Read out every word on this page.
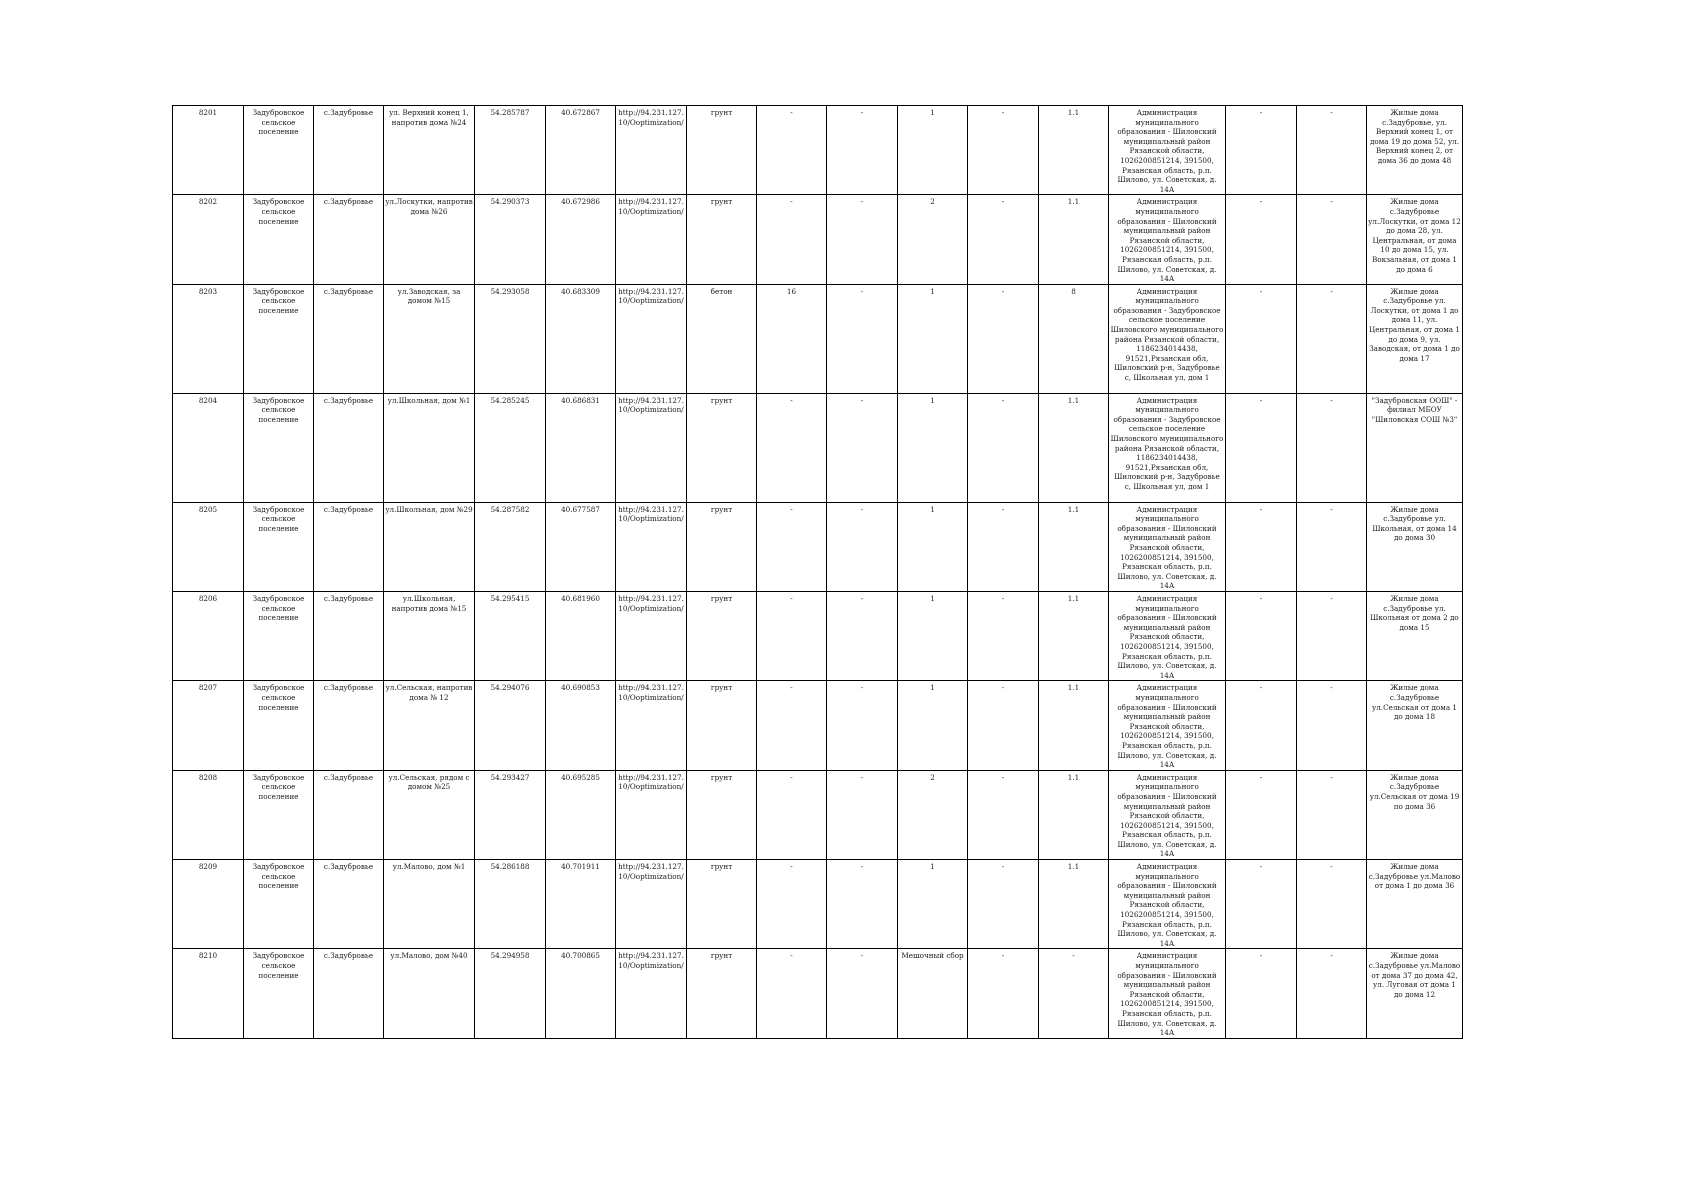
8201	Задубровское сельское поселение	с.Задубровье	ул. Верхний конец 1, напротив дома №24	54.285787	40.672867	http://94.231.127.10/Ooptimization/	грунт	-	-	1	-	1.1	Администрация муниципального образования - Шиловский муниципальный район Рязанской области, 1026200851214, 391500, Рязанская область, р.п. Шилово, ул. Советская, д. 14А	-	-	Жилые дома с.Задубровье, ул. Верхний конец 1, от дома 19 до дома 52, ул. Верхний конец 2, от дома 36 до дома 48
8202	Задубровское сельское поселение	с.Задубровье	ул.Лоскутки, напротив дома №26	54.290373	40.672986	http://94.231.127.10/Ooptimization/	грунт	-	-	2	-	1.1	Администрация муниципального образования - Шиловский муниципальный район Рязанской области, 1026200851214, 391500, Рязанская область, р.п. Шилово, ул. Советская, д. 14А	-	-	Жилые дома с.Задубровье ул.Лоскутки, от дома 12 до дома 28, ул. Центральная, от дома 10 до дома 15, ул. Вокзальная, от дома 1 до дома 6
8203	Задубровское сельское поселение	с.Задубровье	ул.Заводская, за домом №15	54.293058	40.683309	http://94.231.127.10/Ooptimization/	бетон	16	-	1	-	8	Администрация муниципального образования - Задубровское сельское поселение Шиловского муниципального района Рязанской области, 1186234014438, 91521,Рязанская обл, Шиловский р-н, Задубровье с, Школьная ул, дом 1	-	-	Жилые дома с.Задубровье ул. Лоскутки, от дома 1 до дома 11, ул. Центральная, от дома 1 до дома 9, ул. Заводская, от дома 1 до дома 17
8204	Задубровское сельское поселение	с.Задубровье	ул.Школьная, дом №1	54.285245	40.686831	http://94.231.127.10/Ooptimization/	грунт	-	-	1	-	1.1	Администрация муниципального образования - Задубровское сельское поселение Шиловского муниципального района Рязанской области, 1186234014438, 91521,Рязанская обл, Шиловский р-н, Задубровье с, Школьная ул, дом 1	-	-	"Задубровская ООШ" - филиал МБОУ "Шиловская СОШ №3"
8205	Задубровское сельское поселение	с.Задубровье	ул.Школьная, дом №29	54.287582	40.677587	http://94.231.127.10/Ooptimization/	грунт	-	-	1	-	1.1	Администрация муниципального образования - Шиловский муниципальный район Рязанской области, 1026200851214, 391500, Рязанская область, р.п. Шилово, ул. Советская, д. 14А	-	-	Жилые дома с.Задубровье ул. Школьная, от дома 14 до дома 30
8206	Задубровское сельское поселение	с.Задубровье	ул.Школьная, напротив дома №15	54.295415	40.681960	http://94.231.127.10/Ooptimization/	грунт	-	-	1	-	1.1	Администрация муниципального образования - Шиловский муниципальный район Рязанской области, 1026200851214, 391500, Рязанская область, р.п. Шилово, ул. Советская, д. 14А	-	-	Жилые дома с.Задубровье ул. Школьная от дома 2 до дома 15
8207	Задубровское сельское поселение	с.Задубровье	ул.Сельская, напротив дома № 12	54.294076	40.690853	http://94.231.127.10/Ooptimization/	грунт	-	-	1	-	1.1	Администрация муниципального образования - Шиловский муниципальный район Рязанской области, 1026200851214, 391500, Рязанская область, р.п. Шилово, ул. Советская, д. 14А	-	-	Жилые дома с.Задубровье ул.Сельская от дома 1 до дома 18
8208	Задубровское сельское поселение	с.Задубровье	ул.Сельская, рядом с домом №25	54.293427	40.695285	http://94.231.127.10/Ooptimization/	грунт	-	-	2	-	1.1	Администрация муниципального образования - Шиловский муниципальный район Рязанской области, 1026200851214, 391500, Рязанская область, р.п. Шилово, ул. Советская, д. 14А	-	-	Жилые дома с.Задубровье ул.Сельская от дома 19 по дома 36
8209	Задубровское сельское поселение	с.Задубровье	ул.Малово, дом №1	54.286188	40.701911	http://94.231.127.10/Ooptimization/	грунт	-	-	1	-	1.1	Администрация муниципального образования - Шиловский муниципальный район Рязанской области, 1026200851214, 391500, Рязанская область, р.п. Шилово, ул. Советская, д. 14А	-	-	Жилые дома с.Задубровье ул.Малово от дома 1 до дома 36
8210	Задубровское сельское поселение	с.Задубровье	ул.Малово, дом №40	54.294958	40.700865	http://94.231.127.10/Ooptimization/	грунт	-	-	Мешочный сбор	-	-	Администрация муниципального образования - Шиловский муниципальный район Рязанской области, 1026200851214, 391500, Рязанская область, р.п. Шилово, ул. Советская, д. 14А	-	-	Жилые дома с.Задубровье ул.Малово от дома 37 до дома 42, ул. Луговая от дома 1 до дома 12
